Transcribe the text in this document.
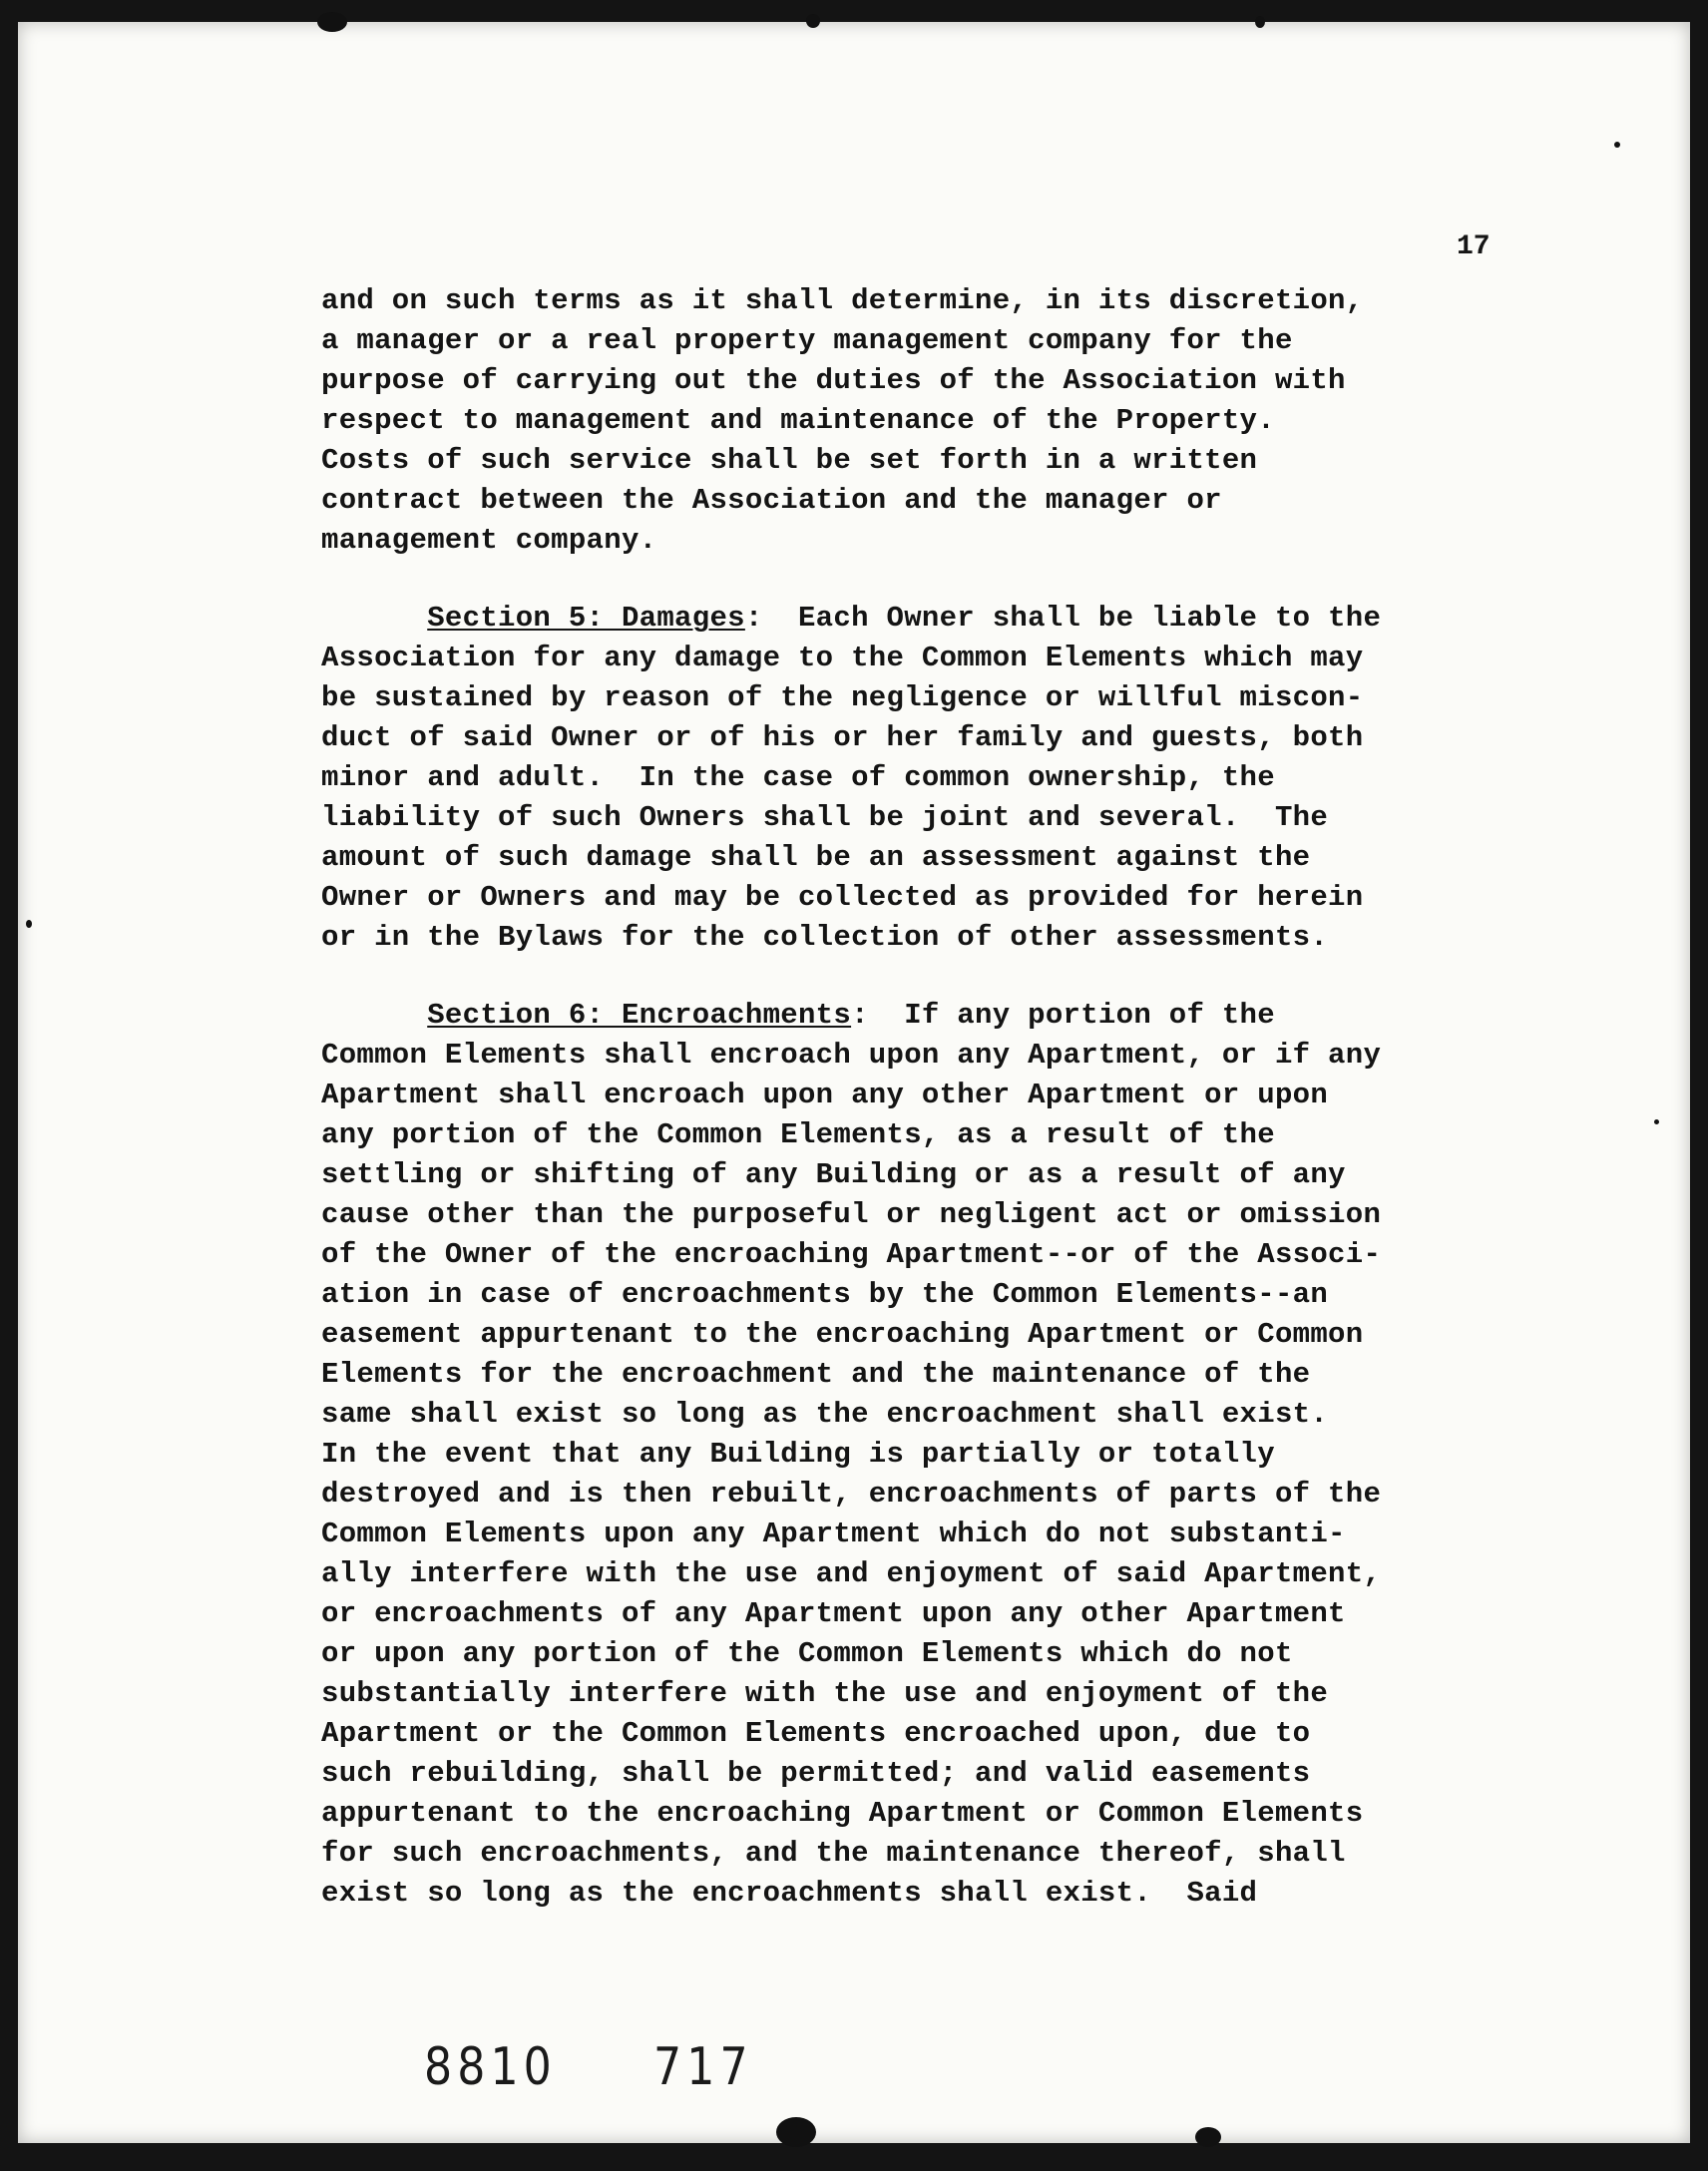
17
and on such terms as it shall determine, in its discretion,
a manager or a real property management company for the
purpose of carrying out the duties of the Association with
respect to management and maintenance of the Property.
Costs of such service shall be set forth in a written
contract between the Association and the manager or
management company.
Section 5: Damages:  Each Owner shall be liable to the
Association for any damage to the Common Elements which may
be sustained by reason of the negligence or willful miscon-
duct of said Owner or of his or her family and guests, both
minor and adult.  In the case of common ownership, the
liability of such Owners shall be joint and several.  The
amount of such damage shall be an assessment against the
Owner or Owners and may be collected as provided for herein
or in the Bylaws for the collection of other assessments.
Section 6: Encroachments:  If any portion of the
Common Elements shall encroach upon any Apartment, or if any
Apartment shall encroach upon any other Apartment or upon
any portion of the Common Elements, as a result of the
settling or shifting of any Building or as a result of any
cause other than the purposeful or negligent act or omission
of the Owner of the encroaching Apartment--or of the Associ-
ation in case of encroachments by the Common Elements--an
easement appurtenant to the encroaching Apartment or Common
Elements for the encroachment and the maintenance of the
same shall exist so long as the encroachment shall exist.
In the event that any Building is partially or totally
destroyed and is then rebuilt, encroachments of parts of the
Common Elements upon any Apartment which do not substanti-
ally interfere with the use and enjoyment of said Apartment,
or encroachments of any Apartment upon any other Apartment
or upon any portion of the Common Elements which do not
substantially interfere with the use and enjoyment of the
Apartment or the Common Elements encroached upon, due to
such rebuilding, shall be permitted; and valid easements
appurtenant to the encroaching Apartment or Common Elements
for such encroachments, and the maintenance thereof, shall
exist so long as the encroachments shall exist.  Said
8810 717
